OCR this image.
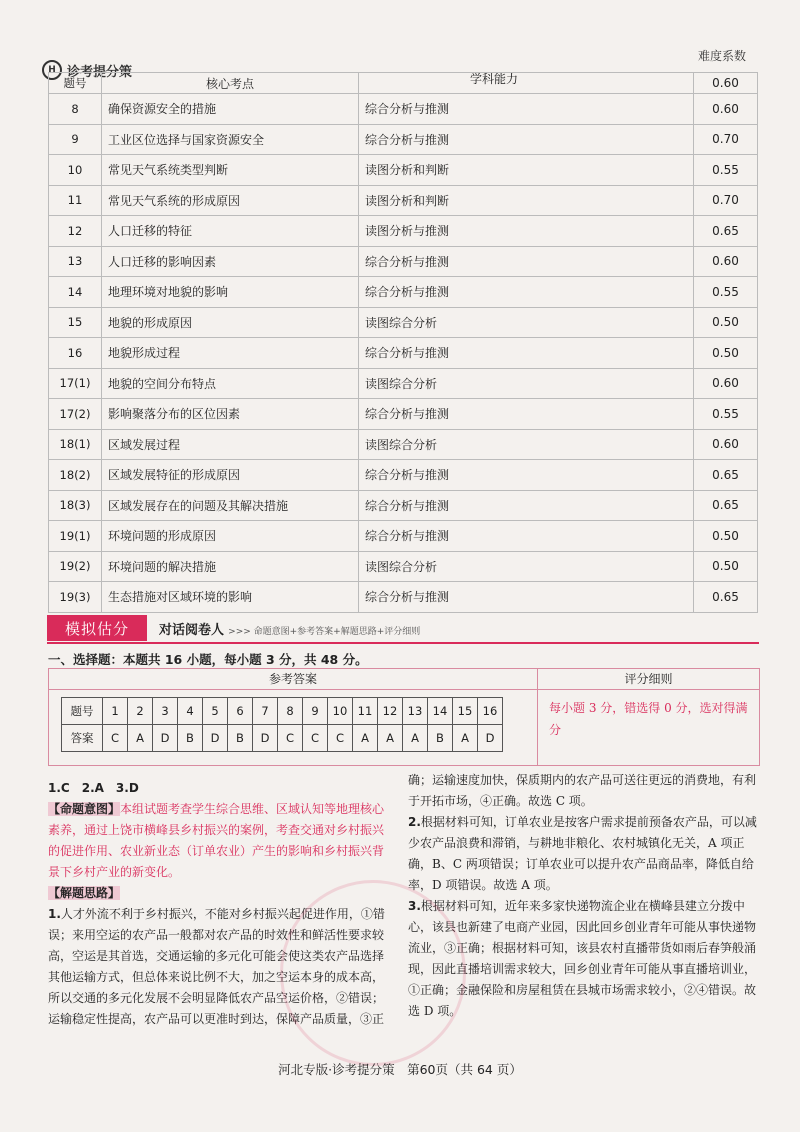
H 诊考提分策
难度系数
学科能力
题号	核心考点		0.60
8	确保资源安全的措施	综合分析与推测	0.60
9	工业区位选择与国家资源安全	综合分析与推测	0.70
10	常见天气系统类型判断	读图分析和判断	0.55
11	常见天气系统的形成原因	读图分析和判断	0.70
12	人口迁移的特征	读图分析与推测	0.65
13	人口迁移的影响因素	综合分析与推测	0.60
14	地理环境对地貌的影响	综合分析与推测	0.55
15	地貌的形成原因	读图综合分析	0.50
16	地貌形成过程	综合分析与推测	0.50
17(1)	地貌的空间分布特点	读图综合分析	0.60
17(2)	影响聚落分布的区位因素	综合分析与推测	0.55
18(1)	区域发展过程	读图综合分析	0.60
18(2)	区域发展特征的形成原因	综合分析与推测	0.65
18(3)	区域发展存在的问题及其解决措施	综合分析与推测	0.65
19(1)	环境问题的形成原因	综合分析与推测	0.50
19(2)	环境问题的解决措施	读图综合分析	0.50
19(3)	生态措施对区域环境的影响	综合分析与推测	0.65
模拟估分	对话阅卷人 >>> 命题意图+参考答案+解题思路+评分细则
一、选择题：本题共 16 小题，每小题 3 分，共 48 分。
参考答案	评分细则
题号	1	2	3	4	5	6	7	8	9	10	11	12	13	14	15	16
答案	C	A	D	B	D	B	D	C	C	C	A	A	A	B	A	D
每小题 3 分，错选得 0 分，选对得满分

1.C　2.A　3.D

【命题意图】本组试题考查学生综合思维、区域认知等地理核心素养，通过上饶市横峰县乡村振兴的案例，考查交通对乡村振兴的促进作用、农业新业态（订单农业）产生的影响和乡村振兴背景下乡村产业的新变化。

【解题思路】

1.人才外流不利于乡村振兴，不能对乡村振兴起促进作用，①错误；来用空运的农产品一般都对农产品的时效性和鲜活性要求较高，空运是其首选，交通运输的多元化可能会使这类农产品选择其他运输方式，但总体来说比例不大，加之空运本身的成本高，所以交通的多元化发展不会明显降低农产品空运价格，②错误；运输稳定性提高，农产品可以更准时到达，保障产品质量，③正

确；运输速度加快，保质期内的农产品可送往更远的消费地，有利于开拓市场，④正确。故选 C 项。

2.根据材料可知，订单农业是按客户需求提前预备农产品，可以减少农产品浪费和滞销，与耕地非粮化、农村城镇化无关，A 项正确，B、C 两项错误；订单农业可以提升农产品商品率，降低自给率，D 项错误。故选 A 项。

3.根据材料可知，近年来多家快递物流企业在横峰县建立分拨中心，该县也新建了电商产业园，因此回乡创业青年可能从事快递物流业，③正确；根据材料可知，该县农村直播带货如雨后春笋般涌现，因此直播培训需求较大，回乡创业青年可能从事直播培训业，①正确；金融保险和房屋租赁在县城市场需求较小，②④错误。故选 D 项。

河北专版·诊考提分策　第60页（共 64 页）
